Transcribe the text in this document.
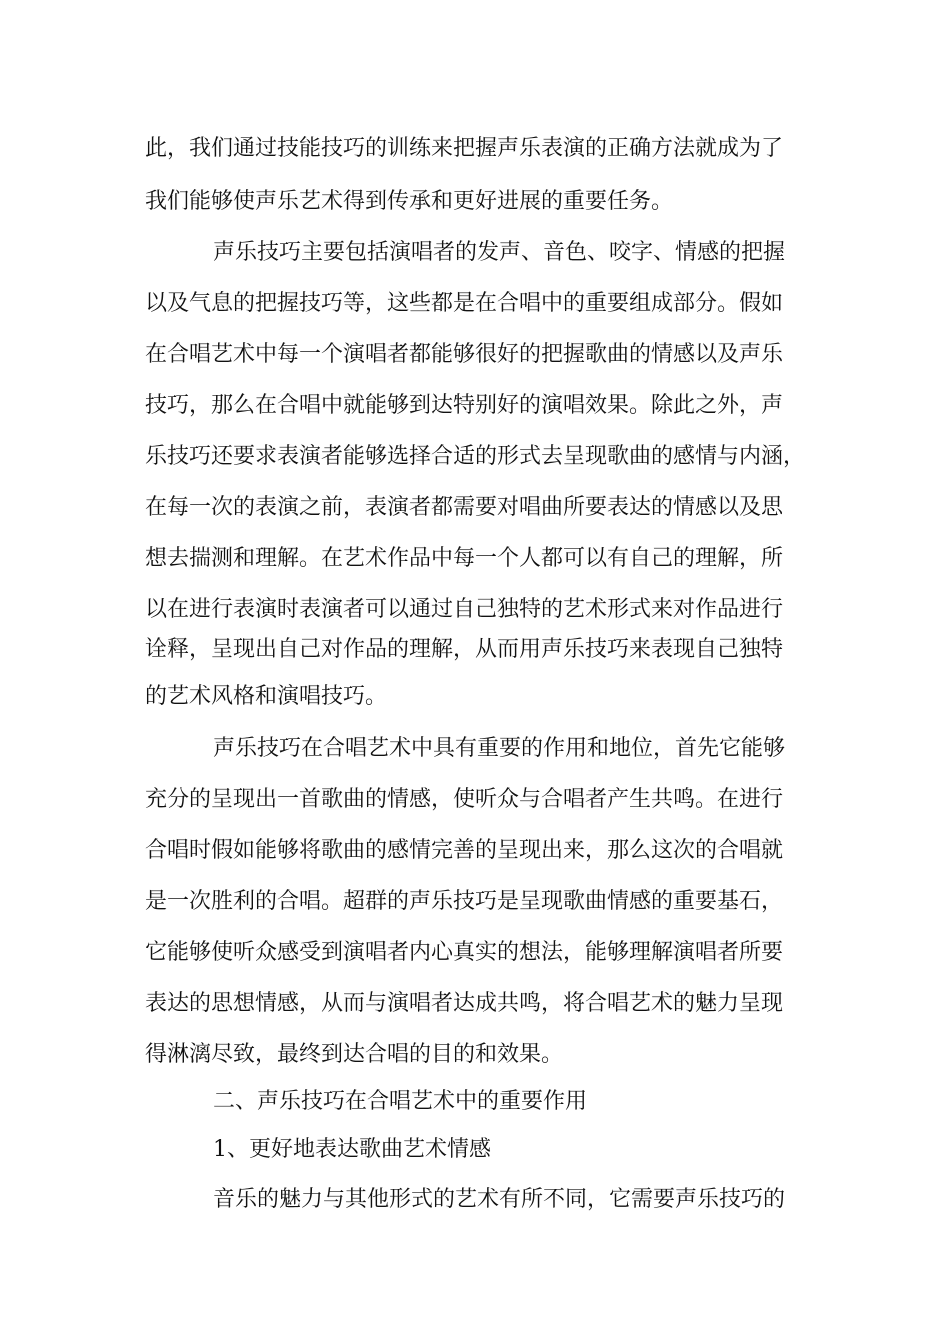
此，我们通过技能技巧的训练来把握声乐表演的正确方法就成为了
我们能够使声乐艺术得到传承和更好进展的重要任务。
声乐技巧主要包括演唱者的发声、音色、咬字、情感的把握
以及气息的把握技巧等，这些都是在合唱中的重要组成部分。假如
在合唱艺术中每一个演唱者都能够很好的把握歌曲的情感以及声乐
技巧，那么在合唱中就能够到达特别好的演唱效果。除此之外，声
乐技巧还要求表演者能够选择合适的形式去呈现歌曲的感情与内涵，
在每一次的表演之前，表演者都需要对唱曲所要表达的情感以及思
想去揣测和理解。在艺术作品中每一个人都可以有自己的理解，所
以在进行表演时表演者可以通过自己独特的艺术形式来对作品进行
诠释，呈现出自己对作品的理解，从而用声乐技巧来表现自己独特
的艺术风格和演唱技巧。
声乐技巧在合唱艺术中具有重要的作用和地位，首先它能够
充分的呈现出一首歌曲的情感，使听众与合唱者产生共鸣。在进行
合唱时假如能够将歌曲的感情完善的呈现出来，那么这次的合唱就
是一次胜利的合唱。超群的声乐技巧是呈现歌曲情感的重要基石，
它能够使听众感受到演唱者内心真实的想法，能够理解演唱者所要
表达的思想情感，从而与演唱者达成共鸣，将合唱艺术的魅力呈现
得淋漓尽致，最终到达合唱的目的和效果。
二、声乐技巧在合唱艺术中的重要作用
1、更好地表达歌曲艺术情感
音乐的魅力与其他形式的艺术有所不同，它需要声乐技巧的
